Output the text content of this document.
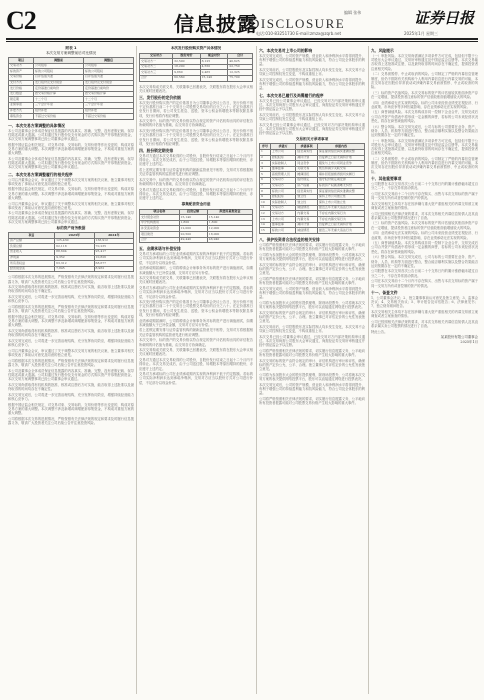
C2	信息披露
DISCLOSURE
编辑 张伟	证券日报
电话:010-83251730 E-mail:zmzx@zqrb.net	2025年1月 星期三
附表 1
本次交易方案调整前后对比情况
项目	调整前	调整后
交易对方	公司股东	公司股东
标的资产	标的公司股权	标的公司股权
交易价格	以评估值为准	以评估值为准
支付方式	发行股份及支付现金	发行股份及支付现金
发行价格	定价基准日前均价	定价基准日前均价
发行数量	按交易价格计算	按交易价格计算
锁定期	十二个月	十二个月
业绩承诺	三个会计年度	三个会计年度
补偿方式	股份补偿	股份补偿
募集资金	不超过交易价格	不超过交易价格
一、本次交易方案调整的具体情况

本公司及董事会全体成员保证信息披露的内容真实、准确、完整，没有虚假记载、误导性陈述或重大遗漏。公司拟通过发行股份及支付现金的方式购买资产并募集配套资金，本次交易方案调整事项已经公司董事会审议通过。

根据中国证监会相关规定，对交易对象、交易标的、交易价格等作出变更的，构成对原交易方案的重大调整。本次调整不涉及新增或调增配套募集资金，不构成对重组方案的重大调整。

本公司及董事会全体成员保证信息披露的内容真实、准确、完整，没有虚假记载、误导性陈述或重大遗漏。公司拟通过发行股份及支付现金的方式购买资产并募集配套资金，本次交易方案调整事项已经公司董事会审议通过。

二、本次交易方案调整履行的相关程序

公司召开董事会会议，审议通过了关于调整本次交易方案的相关议案，独立董事对相关事项发表了事前认可意见及同意的独立意见。

根据中国证监会相关规定，对交易对象、交易标的、交易价格等作出变更的，构成对原交易方案的重大调整。本次调整不涉及新增或调增配套募集资金，不构成对重组方案的重大调整。

公司召开董事会会议，审议通过了关于调整本次交易方案的相关议案，独立董事对相关事项发表了事前认可意见及同意的独立意见。

本公司及董事会全体成员保证信息披露的内容真实、准确、完整，没有虚假记载、误导性陈述或重大遗漏。公司拟通过发行股份及支付现金的方式购买资产并募集配套资金，本次交易方案调整事项已经公司董事会审议通过。

标的资产财务数据
项目	2023年	2024年
资产总额	125,430	138,912
负债总额	62,118	70,235
营业收入	88,604	95,417
净利润	9,352	10,826
所有者权益	63,312	68,677
经营现金流	7,845	8,962

公司将根据本次交易的进展情况，严格按照有关法律法规的规定和要求及时履行信息披露义务，敬请广大投资者关注公司后续公告并注意投资风险。

本次交易尚需取得有权机构的批准、核准或注册后方可实施，能否取得上述批准以及最终取得的时间均存在不确定性。

本次交易完成后，公司将进一步完善治理结构，充分发挥协同效应，增强持续经营能力和核心竞争力。

公司将根据本次交易的进展情况，严格按照有关法律法规的规定和要求及时履行信息披露义务，敬请广大投资者关注公司后续公告并注意投资风险。

根据中国证监会相关规定，对交易对象、交易标的、交易价格等作出变更的，构成对原交易方案的重大调整。本次调整不涉及新增或调增配套募集资金，不构成对重组方案的重大调整。

本次交易尚需取得有权机构的批准、核准或注册后方可实施，能否取得上述批准以及最终取得的时间均存在不确定性。

本次交易完成后，公司将进一步完善治理结构，充分发挥协同效应，增强持续经营能力和核心竞争力。

公司召开董事会会议，审议通过了关于调整本次交易方案的相关议案，独立董事对相关事项发表了事前认可意见及同意的独立意见。

公司将根据本次交易的进展情况，严格按照有关法律法规的规定和要求及时履行信息披露义务，敬请广大投资者关注公司后续公告并注意投资风险。

本公司及董事会全体成员保证信息披露的内容真实、准确、完整，没有虚假记载、误导性陈述或重大遗漏。公司拟通过发行股份及支付现金的方式购买资产并募集配套资金，本次交易方案调整事项已经公司董事会审议通过。

本次交易尚需取得有权机构的批准、核准或注册后方可实施，能否取得上述批准以及最终取得的时间均存在不确定性。

本次交易完成后，公司将进一步完善治理结构，充分发挥协同效应，增强持续经营能力和核心竞争力。

根据中国证监会相关规定，对交易对象、交易标的、交易价格等作出变更的，构成对原交易方案的重大调整。本次调整不涉及新增或调增配套募集资金，不构成对重组方案的重大调整。

公司将根据本次交易的进展情况，严格按照有关法律法规的规定和要求及时履行信息披露义务，敬请广大投资者关注公司后续公告并注意投资风险。

本次发行股份购买资产具体情况
交易对方	股份对价	现金对价	合计
交易对方一	32,500	8,125	40,625
交易对方二	18,200	4,550	22,750
交易对方三	9,860	2,465	12,325
合计	60,560	15,140	75,700

本次交易构成关联交易，关联董事已回避表决，关联股东将在股东大会审议相关议案时回避表决。

三、发行股份的定价依据

本次发行股份购买资产的定价基准日为公司董事会决议公告日，发行价格不低于定价基准日前二十个交易日公司股票交易均价的百分之八十。在定价基准日至发行日期间，若公司发生派息、送股、资本公积金转增股本等除权除息事项，发行价格将作相应调整。

本次交易中，标的资产的交易价格以符合规定的资产评估机构出具的评估报告所载明的评估值为基础，由交易各方协商确定。

本次发行股份购买资产的定价基准日为公司董事会决议公告日，发行价格不低于定价基准日前二十个交易日公司股票交易均价的百分之八十。在定价基准日至发行日期间，若公司发生派息、送股、资本公积金转增股本等除权除息事项，发行价格将作相应调整。

四、股份锁定期安排

交易对方通过本次交易取得的公司股份，自股份发行结束之日起十二个月内不得转让。本次交易完成后，由于公司送红股、转增股本等原因增持的股份，亦应遵守上述约定。

若上述锁定期安排与证券监管机构的最新监管意见不相符，交易对方将根据相关证券监管机构的监管意见进行相应调整。

本次交易中，标的资产的交易价格以符合规定的资产评估机构出具的评估报告所载明的评估值为基础，由交易各方协商确定。

交易对方通过本次交易取得的公司股份，自股份发行结束之日起十二个月内不得转让。本次交易完成后，由于公司送红股、转增股本等原因增持的股份，亦应遵守上述约定。

募集配套资金用途
项目名称	投资总额	拟使用募集资金
支付现金对价	15,140	15,140
中介机构费用	1,800	1,800
补充流动资金	12,000	12,000
项目建设	20,500	18,000
合计	49,440	46,940
五、业绩承诺与补偿安排

交易对方承诺标的公司在业绩承诺期内实现的净利润不低于约定数额。若标的公司实际净利润未达到承诺净利润，交易对方应当以股份方式对公司进行补偿，不足部分以现金补偿。

业绩承诺期届满时，公司将聘请会计师事务所对标的资产进行减值测试，如期末减值额大于已补偿金额，交易对方应另行补偿。

本次交易构成关联交易，关联董事已回避表决，关联股东将在股东大会审议相关议案时回避表决。

交易对方承诺标的公司在业绩承诺期内实现的净利润不低于约定数额。若标的公司实际净利润未达到承诺净利润，交易对方应当以股份方式对公司进行补偿，不足部分以现金补偿。

本次发行股份购买资产的定价基准日为公司董事会决议公告日，发行价格不低于定价基准日前二十个交易日公司股票交易均价的百分之八十。在定价基准日至发行日期间，若公司发生派息、送股、资本公积金转增股本等除权除息事项，发行价格将作相应调整。

业绩承诺期届满时，公司将聘请会计师事务所对标的资产进行减值测试，如期末减值额大于已补偿金额，交易对方应另行补偿。

若上述锁定期安排与证券监管机构的最新监管意见不相符，交易对方将根据相关证券监管机构的监管意见进行相应调整。

本次交易中，标的资产的交易价格以符合规定的资产评估机构出具的评估报告所载明的评估值为基础，由交易各方协商确定。

本次交易构成关联交易，关联董事已回避表决，关联股东将在股东大会审议相关议案时回避表决。

交易对方通过本次交易取得的公司股份，自股份发行结束之日起十二个月内不得转让。本次交易完成后，由于公司送红股、转增股本等原因增持的股份，亦应遵守上述约定。

交易对方承诺标的公司在业绩承诺期内实现的净利润不低于约定数额。若标的公司实际净利润未达到承诺净利润，交易对方应当以股份方式对公司进行补偿，不足部分以现金补偿。

六、本次交易对上市公司的影响

本次交易完成后，公司的资产规模、营业收入和净利润水平将得到提升，有利于增强公司的持续盈利能力和抗风险能力，符合公司及全体股东的利益。

本次交易前后，公司控股股东及实际控制人均未发生变化，本次交易不会导致公司控制权发生变更，不构成重组上市。

本次交易完成后，公司的资产规模、营业收入和净利润水平将得到提升，有利于增强公司的持续盈利能力和抗风险能力，符合公司及全体股东的利益。

七、本次交易已履行及尚需履行的程序

本次交易已经公司董事会审议通过，已经交易对方内部决策机构审议通过。本次交易尚需公司股东大会审议通过，尚需经证券交易所审核通过并经中国证监会予以注册。

本次交易前后，公司控股股东及实际控制人均未发生变化，本次交易不会导致公司控制权发生变更，不构成重组上市。

本次交易已经公司董事会审议通过，已经交易对方内部决策机构审议通过。本次交易尚需公司股东大会审议通过，尚需经证券交易所审核通过并经中国证监会予以注册。

交易相关方承诺事项
序号	承诺方	承诺事项	承诺内容
1	上市公司	信息真实性	保证提供信息真实准确完整
2	控股股东	减持计划	自复牌之日起无减持计划
3	实际控制人	同业竞争	避免与上市公司同业竞争
4	董事监事	关联交易	规范和减少关联交易
5	高级管理人员	摊薄回报	填补回报措施得到切实履行
6	交易对方	股份锁定	遵守股份锁定期安排
7	交易对方	资产权属	标的资产权属清晰无纠纷
8	标的公司	信息真实性	保证提供信息真实准确完整
9	控股股东	独立性	保持上市公司独立性
10	实际控制人	独立性	保持上市公司独立性
11	交易对方	诚信情况	最近五年无重大违法行为
12	交易对方	内幕交易	不存在内幕交易行为
13	上市公司	内幕交易	不存在内幕交易行为
14	董事监事	减持计划	自复牌之日起无减持计划
15	标的公司	诚信情况	最近三年无重大违法行为
八、保护投资者合法权益的相关安排

公司将严格按照相关法律法规的要求，切实履行信息披露义务，公平地向所有投资者披露可能对公司股票交易价格产生较大影响的重大事件。

公司将为参加股东大会的股东提供便利，除现场投票外，公司将就本次交易方案的表决提供网络投票平台，股东可以直接通过网络进行投票表决。

本次交易的标的资产由符合规定的审计、评估机构进行审计和评估，确保标的资产定价公允、公平、合理。独立董事已对评估定价的公允性发表独立意见。

公司将严格按照相关法律法规的要求，切实履行信息披露义务，公平地向所有投资者披露可能对公司股票交易价格产生较大影响的重大事件。

本次交易完成后，公司的资产规模、营业收入和净利润水平将得到提升，有利于增强公司的持续盈利能力和抗风险能力，符合公司及全体股东的利益。

公司将为参加股东大会的股东提供便利，除现场投票外，公司将就本次交易方案的表决提供网络投票平台，股东可以直接通过网络进行投票表决。

本次交易的标的资产由符合规定的审计、评估机构进行审计和评估，确保标的资产定价公允、公平、合理。独立董事已对评估定价的公允性发表独立意见。

本次交易前后，公司控股股东及实际控制人均未发生变化，本次交易不会导致公司控制权发生变更，不构成重组上市。

本次交易已经公司董事会审议通过，已经交易对方内部决策机构审议通过。本次交易尚需公司股东大会审议通过，尚需经证券交易所审核通过并经中国证监会予以注册。

公司将严格按照相关法律法规的要求，切实履行信息披露义务，公平地向所有投资者披露可能对公司股票交易价格产生较大影响的重大事件。

本次交易的标的资产由符合规定的审计、评估机构进行审计和评估，确保标的资产定价公允、公平、合理。独立董事已对评估定价的公允性发表独立意见。

公司将为参加股东大会的股东提供便利，除现场投票外，公司将就本次交易方案的表决提供网络投票平台，股东可以直接通过网络进行投票表决。

本次交易完成后，公司的资产规模、营业收入和净利润水平将得到提升，有利于增强公司的持续盈利能力和抗风险能力，符合公司及全体股东的利益。

公司将严格按照相关法律法规的要求，切实履行信息披露义务，公平地向所有投资者披露可能对公司股票交易价格产生较大影响的重大事件。

九、风险提示

（一）审批风险。本次交易尚需满足多项条件方可完成，包括但不限于公司股东大会审议通过、交易所审核通过及中国证监会注册等。本次交易能否取得上述批准或注册，以及最终取得的时间存在不确定性，提请投资者注意相关风险。

（二）交易被暂停、中止或取消的风险。公司制定了严格的内幕信息管理制度，但仍不排除有关机构和个人利用内幕信息进行内幕交易的可能，本次交易存在因股价异常波动或涉嫌内幕交易而被暂停、中止或取消的风险。

（三）标的资产估值风险。本次交易标的资产的评估值较其账面净资产存在一定增值，提请投资者注意标的资产估值较账面值增值较大的风险。

（四）业绩承诺无法实现的风险。标的公司未来经营业绩受宏观经济、行业政策、市场竞争等多种因素影响，存在业绩承诺无法实现的风险。

（五）商誉减值风险。本次交易构成非同一控制下企业合并，交易完成后公司合并资产负债表中将形成一定金额的商誉，若标的公司未来经营状况恶化，将存在商誉减值的风险。

（六）整合风险。本次交易完成后，公司与标的公司需要在业务、资产、财务、人员、机构等方面进行整合，整合能否顺利实施以及整合效果能否达到预期存在一定的不确定性。

（一）审批风险。本次交易尚需满足多项条件方可完成，包括但不限于公司股东大会审议通过、交易所审核通过及中国证监会注册等。本次交易能否取得上述批准或注册，以及最终取得的时间存在不确定性，提请投资者注意相关风险。

（二）交易被暂停、中止或取消的风险。公司制定了严格的内幕信息管理制度，但仍不排除有关机构和个人利用内幕信息进行内幕交易的可能，本次交易存在因股价异常波动或涉嫌内幕交易而被暂停、中止或取消的风险。

十、其他重要事项

公司股票在本次交易首次公告日前二十个交易日内的累计涨跌幅未超过百分之二十，不存在异常波动情况。

公司在本次交易前十二个月内不存在购买、出售与本次交易标的资产属于同一交易方所有或者控制的资产的情况。

本次交易相关主体均不存在因涉嫌与重大资产重组相关的内幕交易被立案调查或者立案侦查的情形。

公司已按照相关法律法规的要求，对本次交易相关内幕信息知情人及其直系亲属买卖公司股票的情况进行了自查。

（三）标的资产估值风险。本次交易标的资产的评估值较其账面净资产存在一定增值，提请投资者注意标的资产估值较账面值增值较大的风险。

（四）业绩承诺无法实现的风险。标的公司未来经营业绩受宏观经济、行业政策、市场竞争等多种因素影响，存在业绩承诺无法实现的风险。

（五）商誉减值风险。本次交易构成非同一控制下企业合并，交易完成后公司合并资产负债表中将形成一定金额的商誉，若标的公司未来经营状况恶化，将存在商誉减值的风险。

（六）整合风险。本次交易完成后，公司与标的公司需要在业务、资产、财务、人员、机构等方面进行整合，整合能否顺利实施以及整合效果能否达到预期存在一定的不确定性。

公司股票在本次交易首次公告日前二十个交易日内的累计涨跌幅未超过百分之二十，不存在异常波动情况。

公司在本次交易前十二个月内不存在购买、出售与本次交易标的资产属于同一交易方所有或者控制的资产的情况。

十一、备查文件

1、公司董事会决议；2、独立董事事前认可意见及独立意见；3、监事会决议；4、交易相关协议；5、审计报告及评估报告；6、法律意见书；7、独立财务顾问报告。

本次交易相关主体均不存在因涉嫌与重大资产重组相关的内幕交易被立案调查或者立案侦查的情形。

公司已按照相关法律法规的要求，对本次交易相关内幕信息知情人及其直系亲属买卖公司股票的情况进行了自查。

特此公告。

某某股份有限公司董事会
2025年1月
